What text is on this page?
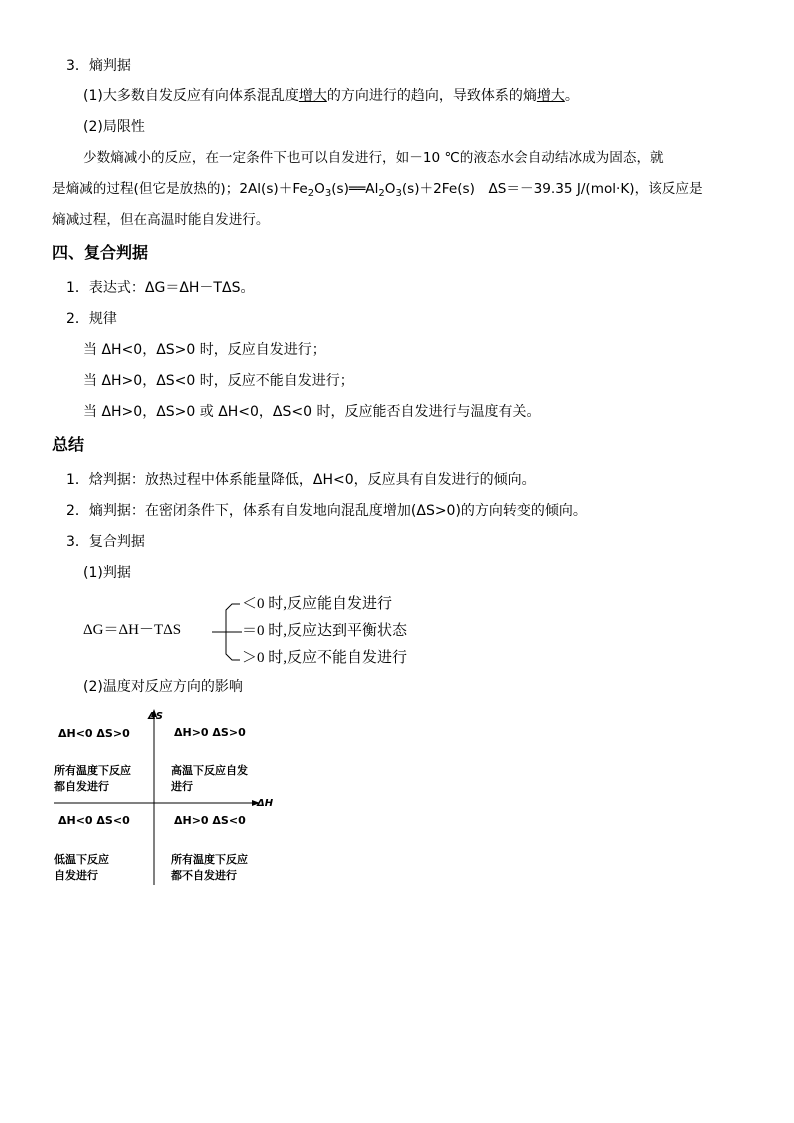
3．熵判据
(1)大多数自发反应有向体系混乱度增大的方向进行的趋向，导致体系的熵增大。
(2)局限性
少数熵减小的反应，在一定条件下也可以自发进行，如－10 ℃的液态水会自动结冰成为固态，就
是熵减的过程(但它是放热的)；$2Al(s)+Fe_2O_3(s)══Al_2O_3(s)+2Fe(s)$　ΔS＝－39.35 J/(mol·K)，该反应是
熵减过程，但在高温时能自发进行。
四、复合判据
1．表达式：ΔG＝ΔH－TΔS。
2．规律
当 ΔH<0，ΔS>0 时，反应自发进行；
当 ΔH>0，ΔS<0 时，反应不能自发进行；
当 ΔH>0，ΔS>0 或 ΔH<0，ΔS<0 时，反应能否自发进行与温度有关。
总结
1．焓判据：放热过程中体系能量降低，ΔH<0，反应具有自发进行的倾向。
2．熵判据：在密闭条件下，体系有自发地向混乱度增加(ΔS>0)的方向转变的倾向。
3．复合判据
(1)判据
ΔG＝ΔH－TΔS
＜0 时,反应能自发进行
＝0 时,反应达到平衡状态
＞0 时,反应不能自发进行
(2)温度对反应方向的影响
ΔS
ΔH
ΔH<0 ΔS>0
所有温度下反应
都自发进行
ΔH>0 ΔS>0
高温下反应自发
进行
ΔH<0 ΔS<0
低温下反应
自发进行
ΔH>0 ΔS<0
所有温度下反应
都不自发进行
